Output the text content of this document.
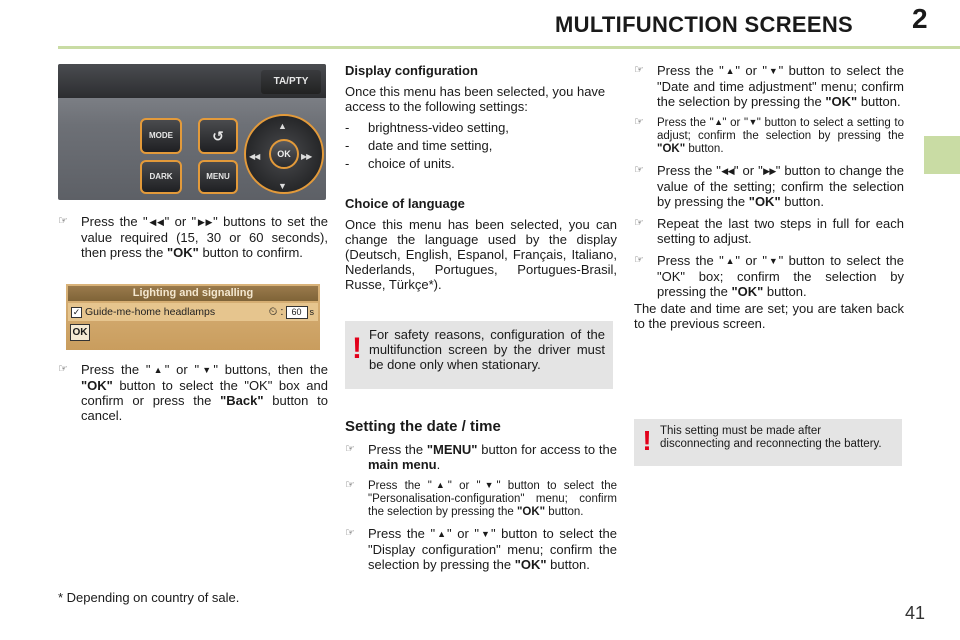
MULTIFUNCTION SCREENS 2
TA/PTY
MODE
DARK
↺
MENU
▲
▼
◀◀	▶▶
OK
☞	Press the "◀◀" or "▶▶" buttons to set the value required (15, 30 or 60 seconds), then press the "OK" button to confirm.
Lighting and signalling
✓ Guide-me-home headlamps	⏲ : 60 s
OK
☞	Press the "▲" or "▼" buttons, then the "OK" button to select the "OK" box and confirm or press the "Back" button to cancel.
* Depending on country of sale.
Display configuration
Once this menu has been selected, you have access to the following settings:
-	brightness-video setting,
-	date and time setting,
-	choice of units.
Choice of language
Once this menu has been selected, you can change the language used by the display (Deutsch, English, Espanol, Français, Italiano, Nederlands, Portugues, Portugues-Brasil, Russe, Türkçe*).
! For safety reasons, configuration of the multifunction screen by the driver must be done only when stationary.
Setting the date / time
☞	Press the "MENU" button for access to the main menu.
☞	Press the "▲" or "▼" button to select the "Personalisation-configuration" menu; confirm the selection by pressing the "OK" button.
☞	Press the "▲" or "▼" button to select the "Display configuration" menu; confirm the selection by pressing the "OK" button.
☞	Press the "▲" or "▼" button to select the "Date and time adjustment" menu; confirm the selection by pressing the "OK" button.
☞	Press the "▲" or "▼" button to select a setting to adjust; confirm the selection by pressing the "OK" button.
☞	Press the "◀◀" or "▶▶" button to change the value of the setting; confirm the selection by pressing the "OK" button.
☞	Repeat the last two steps in full for each setting to adjust.
☞	Press the "▲" or "▼" button to select the "OK" box; confirm the selection by pressing the "OK" button.
The date and time are set; you are taken back to the previous screen.
! This setting must be made after disconnecting and reconnecting the battery.
41
